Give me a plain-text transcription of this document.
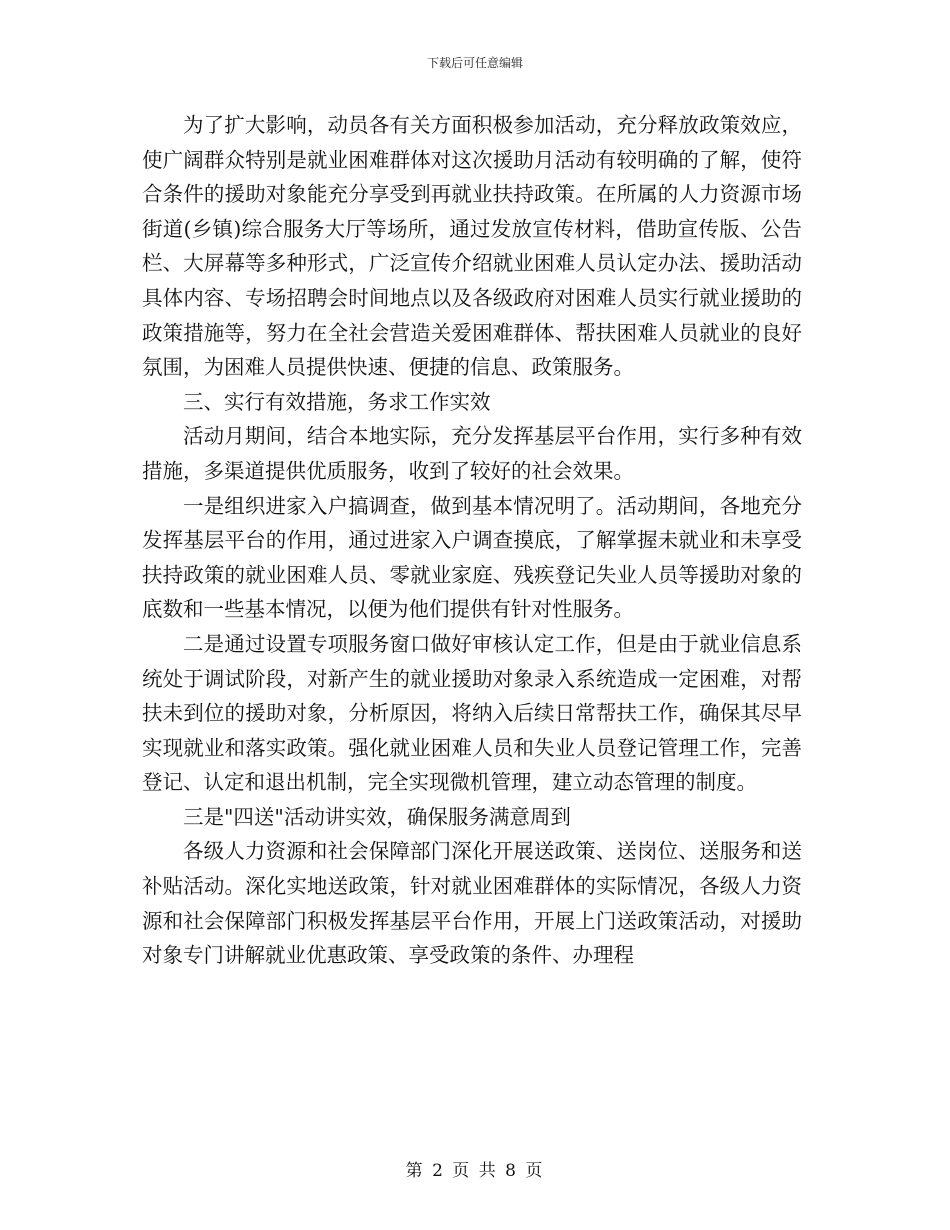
下载后可任意编辑

为了扩大影响，动员各有关方面积极参加活动，充分释放政策效应，使广阔群众特别是就业困难群体对这次援助月活动有较明确的了解，使符合条件的援助对象能充分享受到再就业扶持政策。在所属的人力资源市场街道(乡镇)综合服务大厅等场所，通过发放宣传材料，借助宣传版、公告栏、大屏幕等多种形式，广泛宣传介绍就业困难人员认定办法、援助活动具体内容、专场招聘会时间地点以及各级政府对困难人员实行就业援助的政策措施等，努力在全社会营造关爱困难群体、帮扶困难人员就业的良好氛围，为困难人员提供快速、便捷的信息、政策服务。

三、实行有效措施，务求工作实效

活动月期间，结合本地实际，充分发挥基层平台作用，实行多种有效措施，多渠道提供优质服务，收到了较好的社会效果。

一是组织进家入户搞调查，做到基本情况明了。活动期间，各地充分发挥基层平台的作用，通过进家入户调查摸底，了解掌握未就业和未享受扶持政策的就业困难人员、零就业家庭、残疾登记失业人员等援助对象的底数和一些基本情况，以便为他们提供有针对性服务。

二是通过设置专项服务窗口做好审核认定工作，但是由于就业信息系统处于调试阶段，对新产生的就业援助对象录入系统造成一定困难，对帮扶未到位的援助对象，分析原因，将纳入后续日常帮扶工作，确保其尽早实现就业和落实政策。强化就业困难人员和失业人员登记管理工作，完善登记、认定和退出机制，完全实现微机管理，建立动态管理的制度。

三是"四送"活动讲实效，确保服务满意周到

各级人力资源和社会保障部门深化开展送政策、送岗位、送服务和送补贴活动。深化实地送政策，针对就业困难群体的实际情况，各级人力资源和社会保障部门积极发挥基层平台作用，开展上门送政策活动，对援助对象专门讲解就业优惠政策、享受政策的条件、办理程

第 2 页 共 8 页
